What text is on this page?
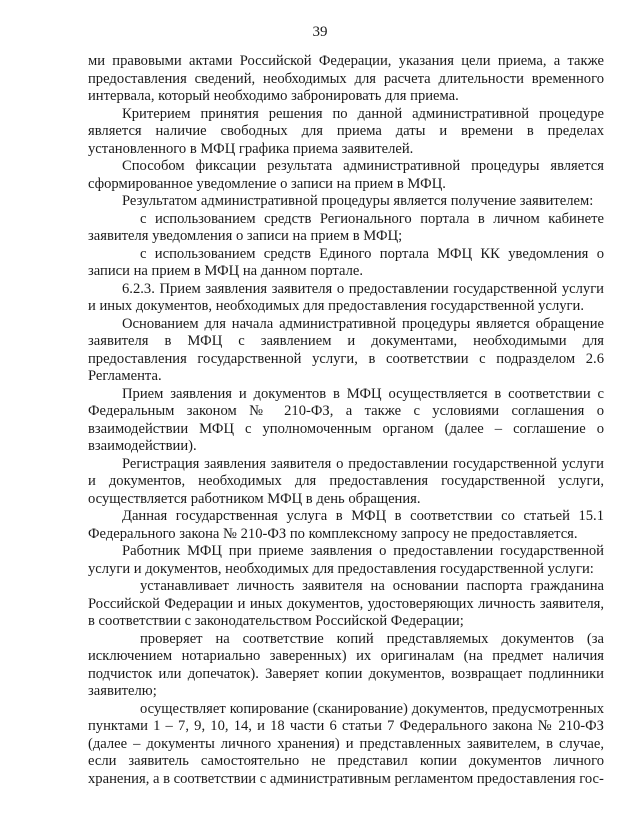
39

ми правовыми актами Российской Федерации, указания цели приема, а также предоставления сведений, необходимых для расчета длительности временного интервала, который необходимо забронировать для приема.

Критерием принятия решения по данной административной процедуре является наличие свободных для приема даты и времени в пределах установленного в МФЦ графика приема заявителей.

Способом фиксации результата административной процедуры является сформированное уведомление о записи на прием в МФЦ.

Результатом административной процедуры является получение заявителем:

с использованием средств Регионального портала в личном кабинете заявителя уведомления о записи на прием в МФЦ;

с использованием средств Единого портала МФЦ КК уведомления о записи на прием в МФЦ на данном портале.

6.2.3. Прием заявления заявителя о предоставлении государственной услуги и иных документов, необходимых для предоставления государственной услуги.

Основанием для начала административной процедуры является обращение заявителя в МФЦ с заявлением и документами, необходимыми для предоставления государственной услуги, в соответствии с подразделом 2.6 Регламента.

Прием заявления и документов в МФЦ осуществляется в соответствии с Федеральным законом № 210-ФЗ, а также с условиями соглашения о взаимодействии МФЦ с уполномоченным органом (далее – соглашение о взаимодействии).

Регистрация заявления заявителя о предоставлении государственной услуги и документов, необходимых для предоставления государственной услуги, осуществляется работником МФЦ в день обращения.

Данная государственная услуга в МФЦ в соответствии со статьей 15.1 Федерального закона № 210-ФЗ по комплексному запросу не предоставляется.

Работник МФЦ при приеме заявления о предоставлении государственной услуги и документов, необходимых для предоставления государственной услуги:

устанавливает личность заявителя на основании паспорта гражданина Российской Федерации и иных документов, удостоверяющих личность заявителя, в соответствии с законодательством Российской Федерации;

проверяет на соответствие копий представляемых документов (за исключением нотариально заверенных) их оригиналам (на предмет наличия подчисток или допечаток). Заверяет копии документов, возвращает подлинники заявителю;

осуществляет копирование (сканирование) документов, предусмотренных пунктами 1 – 7, 9, 10, 14, и 18 части 6 статьи 7 Федерального закона № 210-ФЗ (далее – документы личного хранения) и представленных заявителем, в случае, если заявитель самостоятельно не представил копии документов личного хранения, а в соответствии с административным регламентом предоставления гос-
